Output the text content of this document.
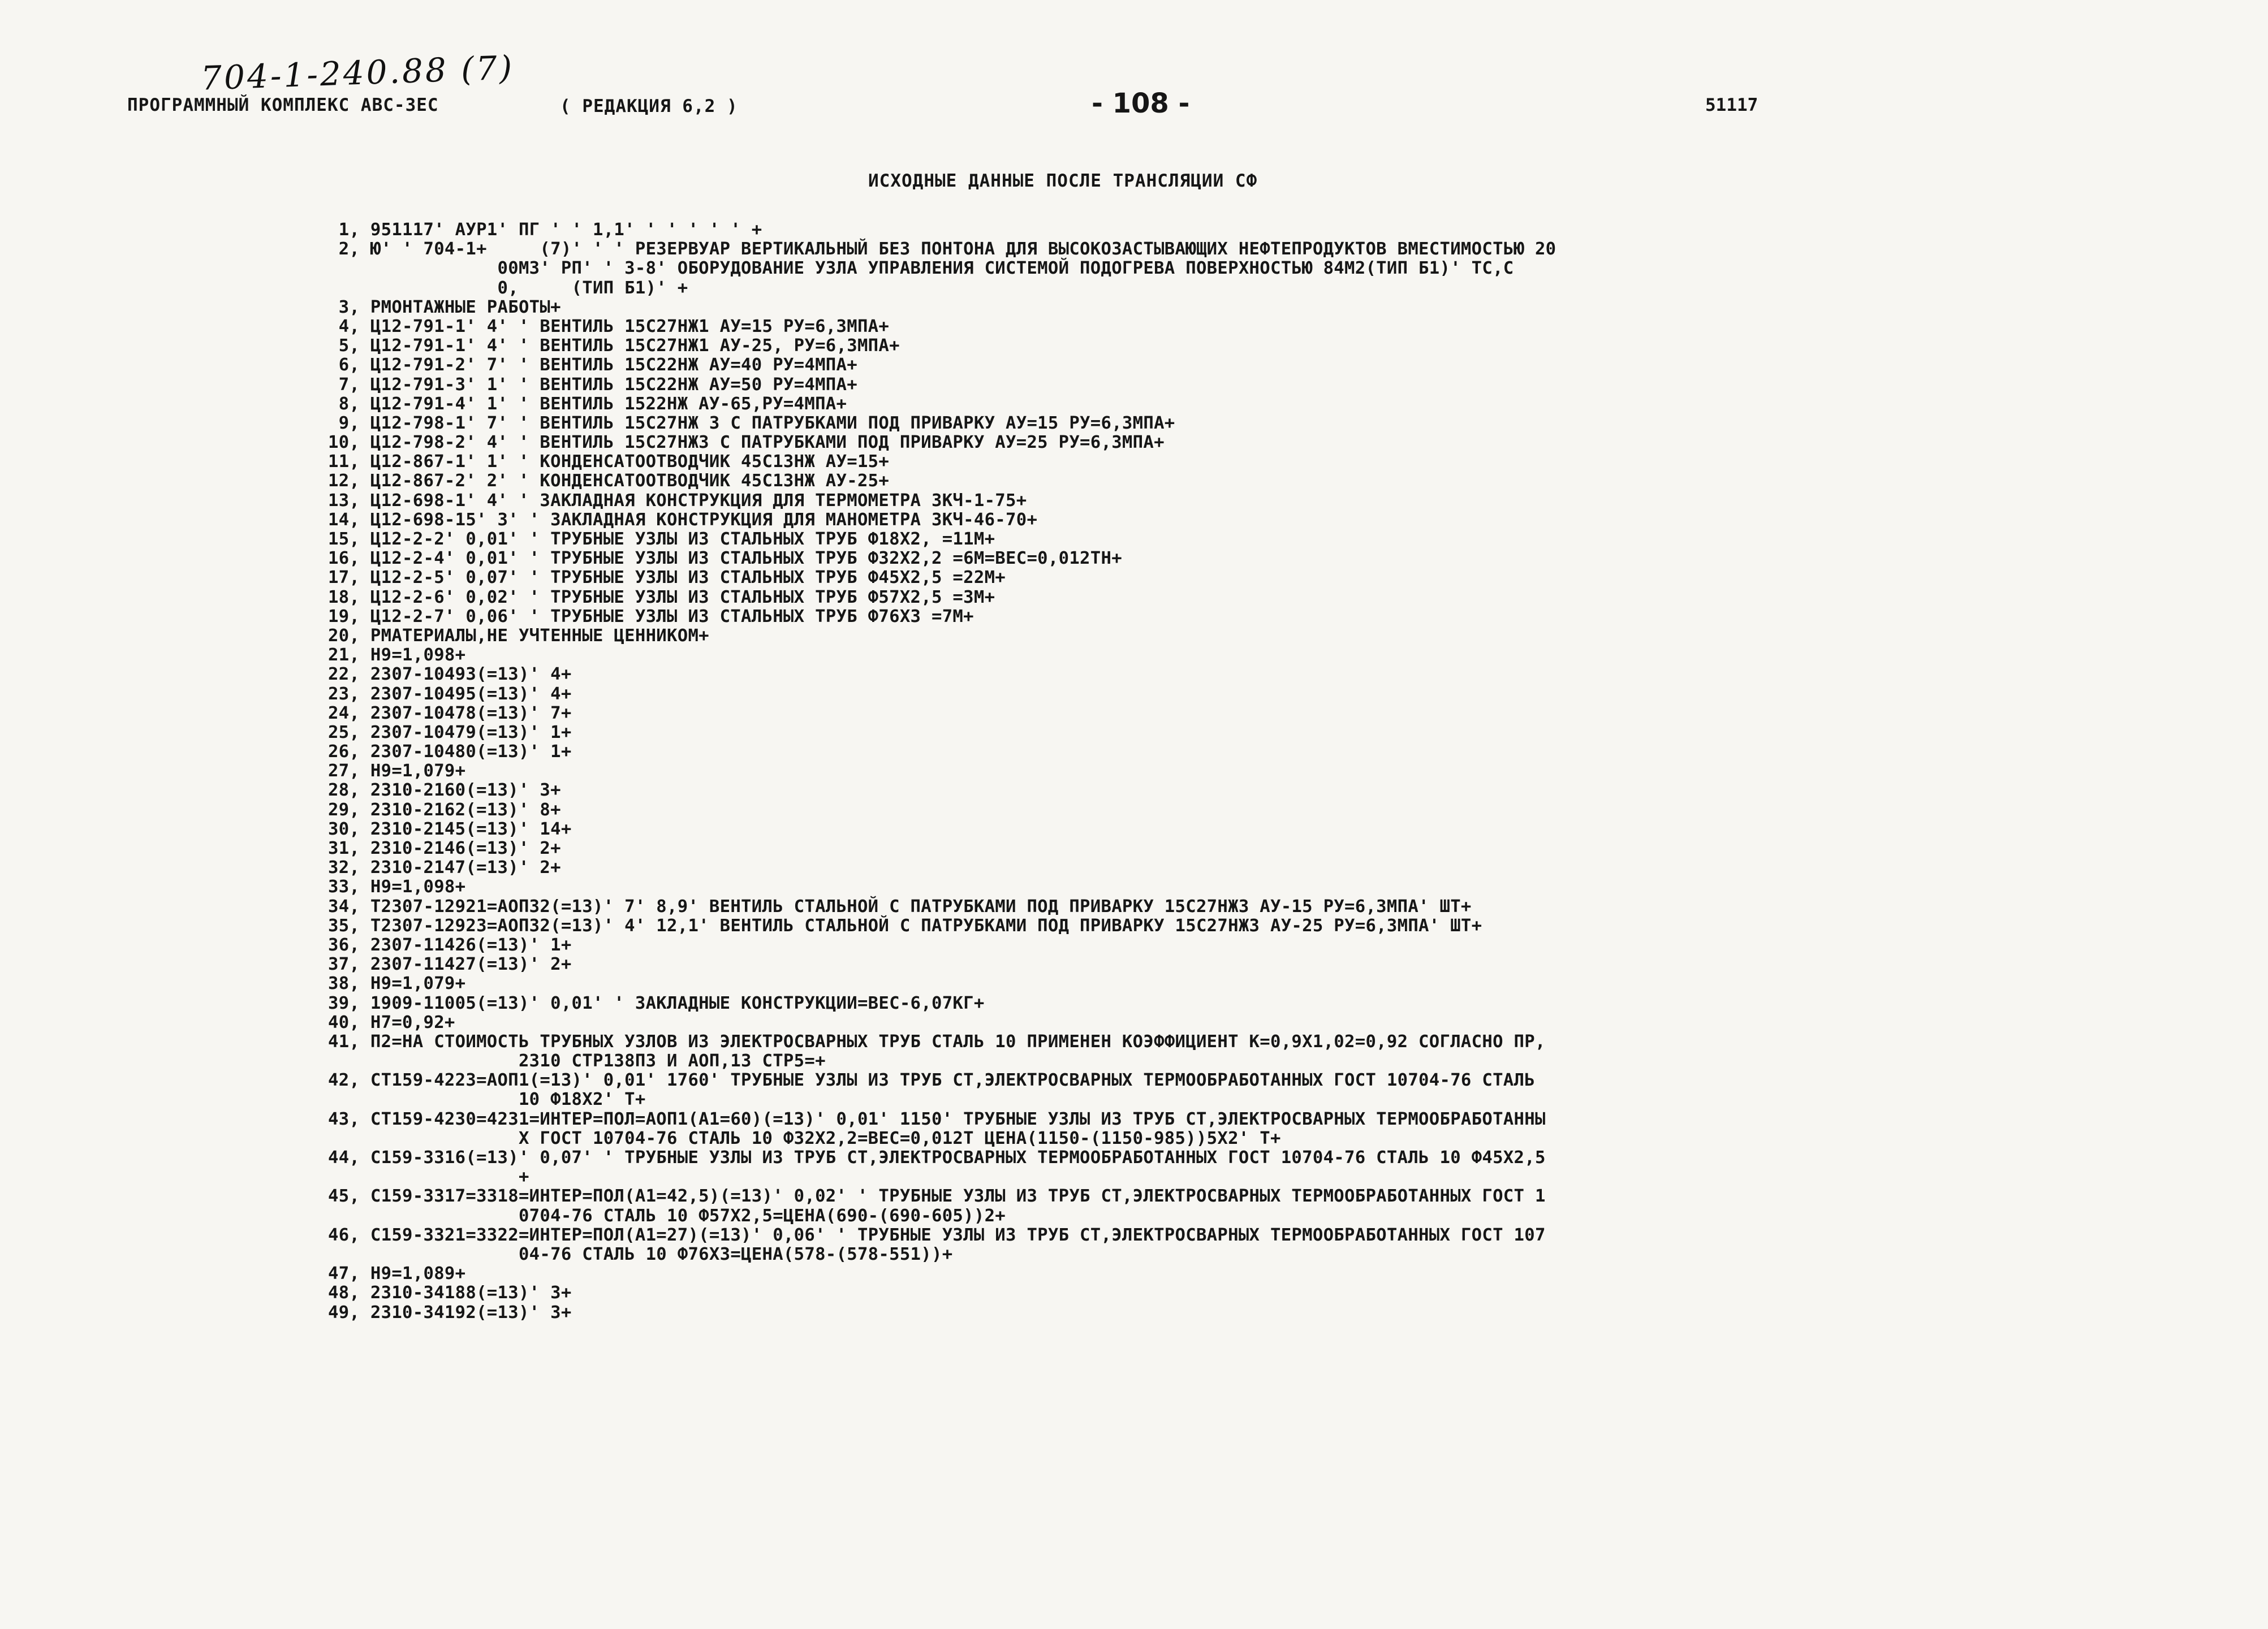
704-1-240.88 (7)
ПРОГРАММНЫЙ КОМПЛЕКС АВС-3ЕС	( РЕДАКЦИЯ 6,2 )	- 108 -	51117
ИСХОДНЫЕ ДАННЫЕ ПОСЛЕ ТРАНСЛЯЦИИ СФ
1, 951117' АУР1' ПГ ' ' 1,1' ' ' ' ' ' +
2, Ю' ' 704-1+     (7)' ' ' РЕЗЕРВУАР ВЕРТИКАЛЬНЫЙ БЕЗ ПОНТОНА ДЛЯ ВЫСОКОЗАСТЫВАЮЩИХ НЕФТЕПРОДУКТОВ ВМЕСТИМОСТЬЮ 20
00М3' РП' ' 3-8' ОБОРУДОВАНИЕ УЗЛА УПРАВЛЕНИЯ СИСТЕМОЙ ПОДОГРЕВА ПОВЕРХНОСТЬЮ 84М2(ТИП Б1)' ТС,С
0,     (ТИП Б1)' +
3, РМОНТАЖНЫЕ РАБОТЫ+
4, Ц12-791-1' 4' ' ВЕНТИЛЬ 15С27НЖ1 АУ=15 РУ=6,3МПА+
5, Ц12-791-1' 4' ' ВЕНТИЛЬ 15С27НЖ1 АУ-25, РУ=6,3МПА+
6, Ц12-791-2' 7' ' ВЕНТИЛЬ 15С22НЖ АУ=40 РУ=4МПА+
7, Ц12-791-3' 1' ' ВЕНТИЛЬ 15С22НЖ АУ=50 РУ=4МПА+
8, Ц12-791-4' 1' ' ВЕНТИЛЬ 1522НЖ АУ-65,РУ=4МПА+
9, Ц12-798-1' 7' ' ВЕНТИЛЬ 15С27НЖ 3 С ПАТРУБКАМИ ПОД ПРИВАРКУ АУ=15 РУ=6,3МПА+
10, Ц12-798-2' 4' ' ВЕНТИЛЬ 15С27НЖ3 С ПАТРУБКАМИ ПОД ПРИВАРКУ АУ=25 РУ=6,3МПА+
11, Ц12-867-1' 1' ' КОНДЕНСАТООТВОДЧИК 45С13НЖ АУ=15+
12, Ц12-867-2' 2' ' КОНДЕНСАТООТВОДЧИК 45С13НЖ АУ-25+
13, Ц12-698-1' 4' ' ЗАКЛАДНАЯ КОНСТРУКЦИЯ ДЛЯ ТЕРМОМЕТРА ЗКЧ-1-75+
14, Ц12-698-15' 3' ' ЗАКЛАДНАЯ КОНСТРУКЦИЯ ДЛЯ МАНОМЕТРА ЗКЧ-46-70+
15, Ц12-2-2' 0,01' ' ТРУБНЫЕ УЗЛЫ ИЗ СТАЛЬНЫХ ТРУБ Ф18Х2, =11М+
16, Ц12-2-4' 0,01' ' ТРУБНЫЕ УЗЛЫ ИЗ СТАЛЬНЫХ ТРУБ Ф32Х2,2 =6М=ВЕС=0,012ТН+
17, Ц12-2-5' 0,07' ' ТРУБНЫЕ УЗЛЫ ИЗ СТАЛЬНЫХ ТРУБ Ф45Х2,5 =22М+
18, Ц12-2-6' 0,02' ' ТРУБНЫЕ УЗЛЫ ИЗ СТАЛЬНЫХ ТРУБ Ф57Х2,5 =3М+
19, Ц12-2-7' 0,06' ' ТРУБНЫЕ УЗЛЫ ИЗ СТАЛЬНЫХ ТРУБ Ф76Х3 =7М+
20, РМАТЕРИАЛЫ,НЕ УЧТЕННЫЕ ЦЕННИКОМ+
21, Н9=1,098+
22, 2307-10493(=13)' 4+
23, 2307-10495(=13)' 4+
24, 2307-10478(=13)' 7+
25, 2307-10479(=13)' 1+
26, 2307-10480(=13)' 1+
27, Н9=1,079+
28, 2310-2160(=13)' 3+
29, 2310-2162(=13)' 8+
30, 2310-2145(=13)' 14+
31, 2310-2146(=13)' 2+
32, 2310-2147(=13)' 2+
33, Н9=1,098+
34, Т2307-12921=АОП32(=13)' 7' 8,9' ВЕНТИЛЬ СТАЛЬНОЙ С ПАТРУБКАМИ ПОД ПРИВАРКУ 15С27НЖ3 АУ-15 РУ=6,3МПА' ШТ+
35, Т2307-12923=АОП32(=13)' 4' 12,1' ВЕНТИЛЬ СТАЛЬНОЙ С ПАТРУБКАМИ ПОД ПРИВАРКУ 15С27НЖ3 АУ-25 РУ=6,3МПА' ШТ+
36, 2307-11426(=13)' 1+
37, 2307-11427(=13)' 2+
38, Н9=1,079+
39, 1909-11005(=13)' 0,01' ' ЗАКЛАДНЫЕ КОНСТРУКЦИИ=ВЕС-6,07КГ+
40, Н7=0,92+
41, П2=НА СТОИМОСТЬ ТРУБНЫХ УЗЛОВ ИЗ ЭЛЕКТРОСВАРНЫХ ТРУБ СТАЛЬ 10 ПРИМЕНЕН КОЭФФИЦИЕНТ К=0,9Х1,02=0,92 СОГЛАСНО ПР,
2310 СТР138П3 И АОП,13 СТР5=+
42, СТ159-4223=АОП1(=13)' 0,01' 1760' ТРУБНЫЕ УЗЛЫ ИЗ ТРУБ СТ,ЭЛЕКТРОСВАРНЫХ ТЕРМООБРАБОТАННЫХ ГОСТ 10704-76 СТАЛЬ
10 Ф18Х2' Т+
43, СТ159-4230=4231=ИНТЕР=ПОЛ=АОП1(А1=60)(=13)' 0,01' 1150' ТРУБНЫЕ УЗЛЫ ИЗ ТРУБ СТ,ЭЛЕКТРОСВАРНЫХ ТЕРМООБРАБОТАННЫ
Х ГОСТ 10704-76 СТАЛЬ 10 Ф32Х2,2=ВЕС=0,012Т ЦЕНА(1150-(1150-985))5Х2' Т+
44, С159-3316(=13)' 0,07' ' ТРУБНЫЕ УЗЛЫ ИЗ ТРУБ СТ,ЭЛЕКТРОСВАРНЫХ ТЕРМООБРАБОТАННЫХ ГОСТ 10704-76 СТАЛЬ 10 Ф45Х2,5
+
45, С159-3317=3318=ИНТЕР=ПОЛ(А1=42,5)(=13)' 0,02' ' ТРУБНЫЕ УЗЛЫ ИЗ ТРУБ СТ,ЭЛЕКТРОСВАРНЫХ ТЕРМООБРАБОТАННЫХ ГОСТ 1
0704-76 СТАЛЬ 10 Ф57Х2,5=ЦЕНА(690-(690-605))2+
46, С159-3321=3322=ИНТЕР=ПОЛ(А1=27)(=13)' 0,06' ' ТРУБНЫЕ УЗЛЫ ИЗ ТРУБ СТ,ЭЛЕКТРОСВАРНЫХ ТЕРМООБРАБОТАННЫХ ГОСТ 107
04-76 СТАЛЬ 10 Ф76Х3=ЦЕНА(578-(578-551))+
47, Н9=1,089+
48, 2310-34188(=13)' 3+
49, 2310-34192(=13)' 3+
